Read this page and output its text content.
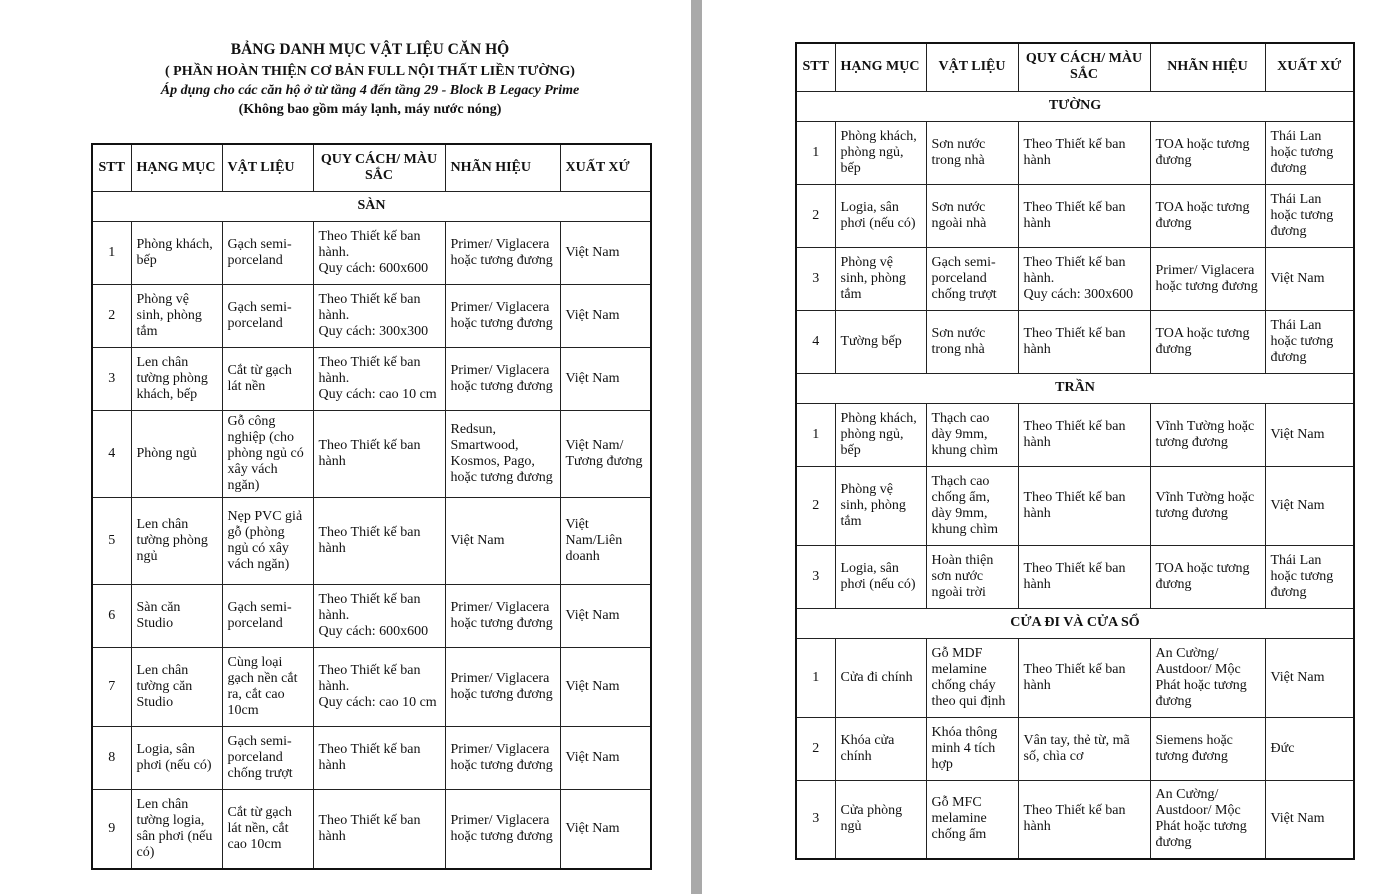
BẢNG DANH MỤC VẬT LIỆU CĂN HỘ
( PHẦN HOÀN THIỆN CƠ BẢN FULL NỘI THẤT LIỀN TƯỜNG)
Áp dụng cho các căn hộ ở từ tầng 4 đến tầng 29 - Block B Legacy Prime
(Không bao gồm máy lạnh, máy nước nóng)
STT	HẠNG MỤC	VẬT LIỆU	QUY CÁCH/ MÀU SẮC	NHÃN HIỆU	XUẤT XỨ
SÀN					
1	Phòng khách, bếp	Gạch semi-porceland	Theo Thiết kế ban hành.
Quy cách: 600x600	Primer/ Viglacera hoặc tương đương	Việt Nam
2	Phòng vệ sinh, phòng tắm	Gạch semi-porceland	Theo Thiết kế ban hành.
Quy cách: 300x300	Primer/ Viglacera hoặc tương đương	Việt Nam
3	Len chân tường phòng khách, bếp	Cắt từ gạch lát nền	Theo Thiết kế ban hành.
Quy cách: cao 10 cm	Primer/ Viglacera hoặc tương đương	Việt Nam
4	Phòng ngủ	Gỗ công nghiệp (cho phòng ngủ có xây vách ngăn)	Theo Thiết kế ban hành	Redsun, Smartwood, Kosmos, Pago, hoặc tương đương	Việt Nam/ Tương đương
5	Len chân tường phòng ngủ	Nẹp PVC giả gỗ (phòng ngủ có xây vách ngăn)	Theo Thiết kế ban hành	Việt Nam	Việt Nam/Liên doanh
6	Sàn căn Studio	Gạch semi-porceland	Theo Thiết kế ban hành.
Quy cách: 600x600	Primer/ Viglacera hoặc tương đương	Việt Nam
7	Len chân tường căn Studio	Cùng loại gạch nền cắt ra, cắt cao 10cm	Theo Thiết kế ban hành.
Quy cách: cao 10 cm	Primer/ Viglacera hoặc tương đương	Việt Nam
8	Logia, sân phơi (nếu có)	Gạch semi-porceland chống trượt	Theo Thiết kế ban hành	Primer/ Viglacera hoặc tương đương	Việt Nam
9	Len chân tường logia, sân phơi (nếu có)	Cắt từ gạch lát nền, cắt cao 10cm	Theo Thiết kế ban hành	Primer/ Viglacera hoặc tương đương	Việt Nam
STT	HẠNG MỤC	VẬT LIỆU	QUY CÁCH/ MÀU SẮC	NHÃN HIỆU	XUẤT XỨ
TƯỜNG					
1	Phòng khách, phòng ngủ, bếp	Sơn nước trong nhà	Theo Thiết kế ban hành	TOA hoặc tương đương	Thái Lan hoặc tương đương
2	Logia, sân phơi (nếu có)	Sơn nước ngoài nhà	Theo Thiết kế ban hành	TOA hoặc tương đương	Thái Lan hoặc tương đương
3	Phòng vệ sinh, phòng tắm	Gạch semi-porceland chống trượt	Theo Thiết kế ban hành.
Quy cách: 300x600	Primer/ Viglacera hoặc tương đương	Việt Nam
4	Tường bếp	Sơn nước trong nhà	Theo Thiết kế ban hành	TOA hoặc tương đương	Thái Lan hoặc tương đương
TRẦN					
1	Phòng khách, phòng ngủ, bếp	Thạch cao dày 9mm, khung chìm	Theo Thiết kế ban hành	Vĩnh Tường hoặc tương đương	Việt Nam
2	Phòng vệ sinh, phòng tắm	Thạch cao chống ẩm, dày 9mm, khung chìm	Theo Thiết kế ban hành	Vĩnh Tường hoặc tương đương	Việt Nam
3	Logia, sân phơi (nếu có)	Hoàn thiện sơn nước ngoài trời	Theo Thiết kế ban hành	TOA hoặc tương đương	Thái Lan hoặc tương đương
CỬA ĐI VÀ CỬA SỔ					
1	Cửa đi chính	Gỗ MDF melamine chống cháy theo qui định	Theo Thiết kế ban hành	An Cường/ Austdoor/ Mộc Phát hoặc tương đương	Việt Nam
2	Khóa cửa chính	Khóa thông minh 4 tích hợp	Vân tay, thẻ từ, mã số, chìa cơ	Siemens hoặc tương đương	Đức
3	Cửa phòng ngủ	Gỗ MFC melamine chống ẩm	Theo Thiết kế ban hành	An Cường/ Austdoor/ Mộc Phát hoặc tương đương	Việt Nam
